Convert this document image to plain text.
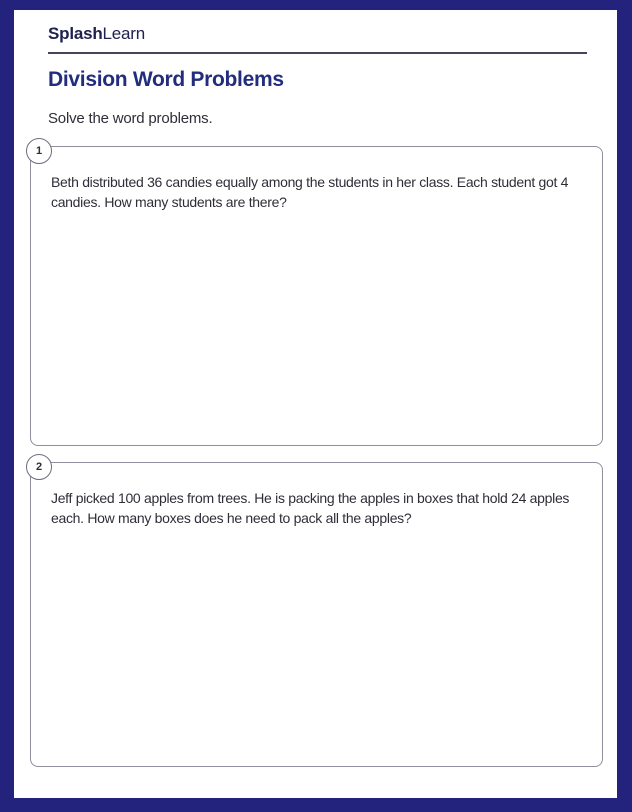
SplashLearn
Division Word Problems

Solve the word problems.

1

Beth distributed 36 candies equally among the students in her class. Each student got 4 candies. How many students are there?

2

Jeff picked 100 apples from trees. He is packing the apples in boxes that hold 24 apples each. How many boxes does he need to pack all the apples?
